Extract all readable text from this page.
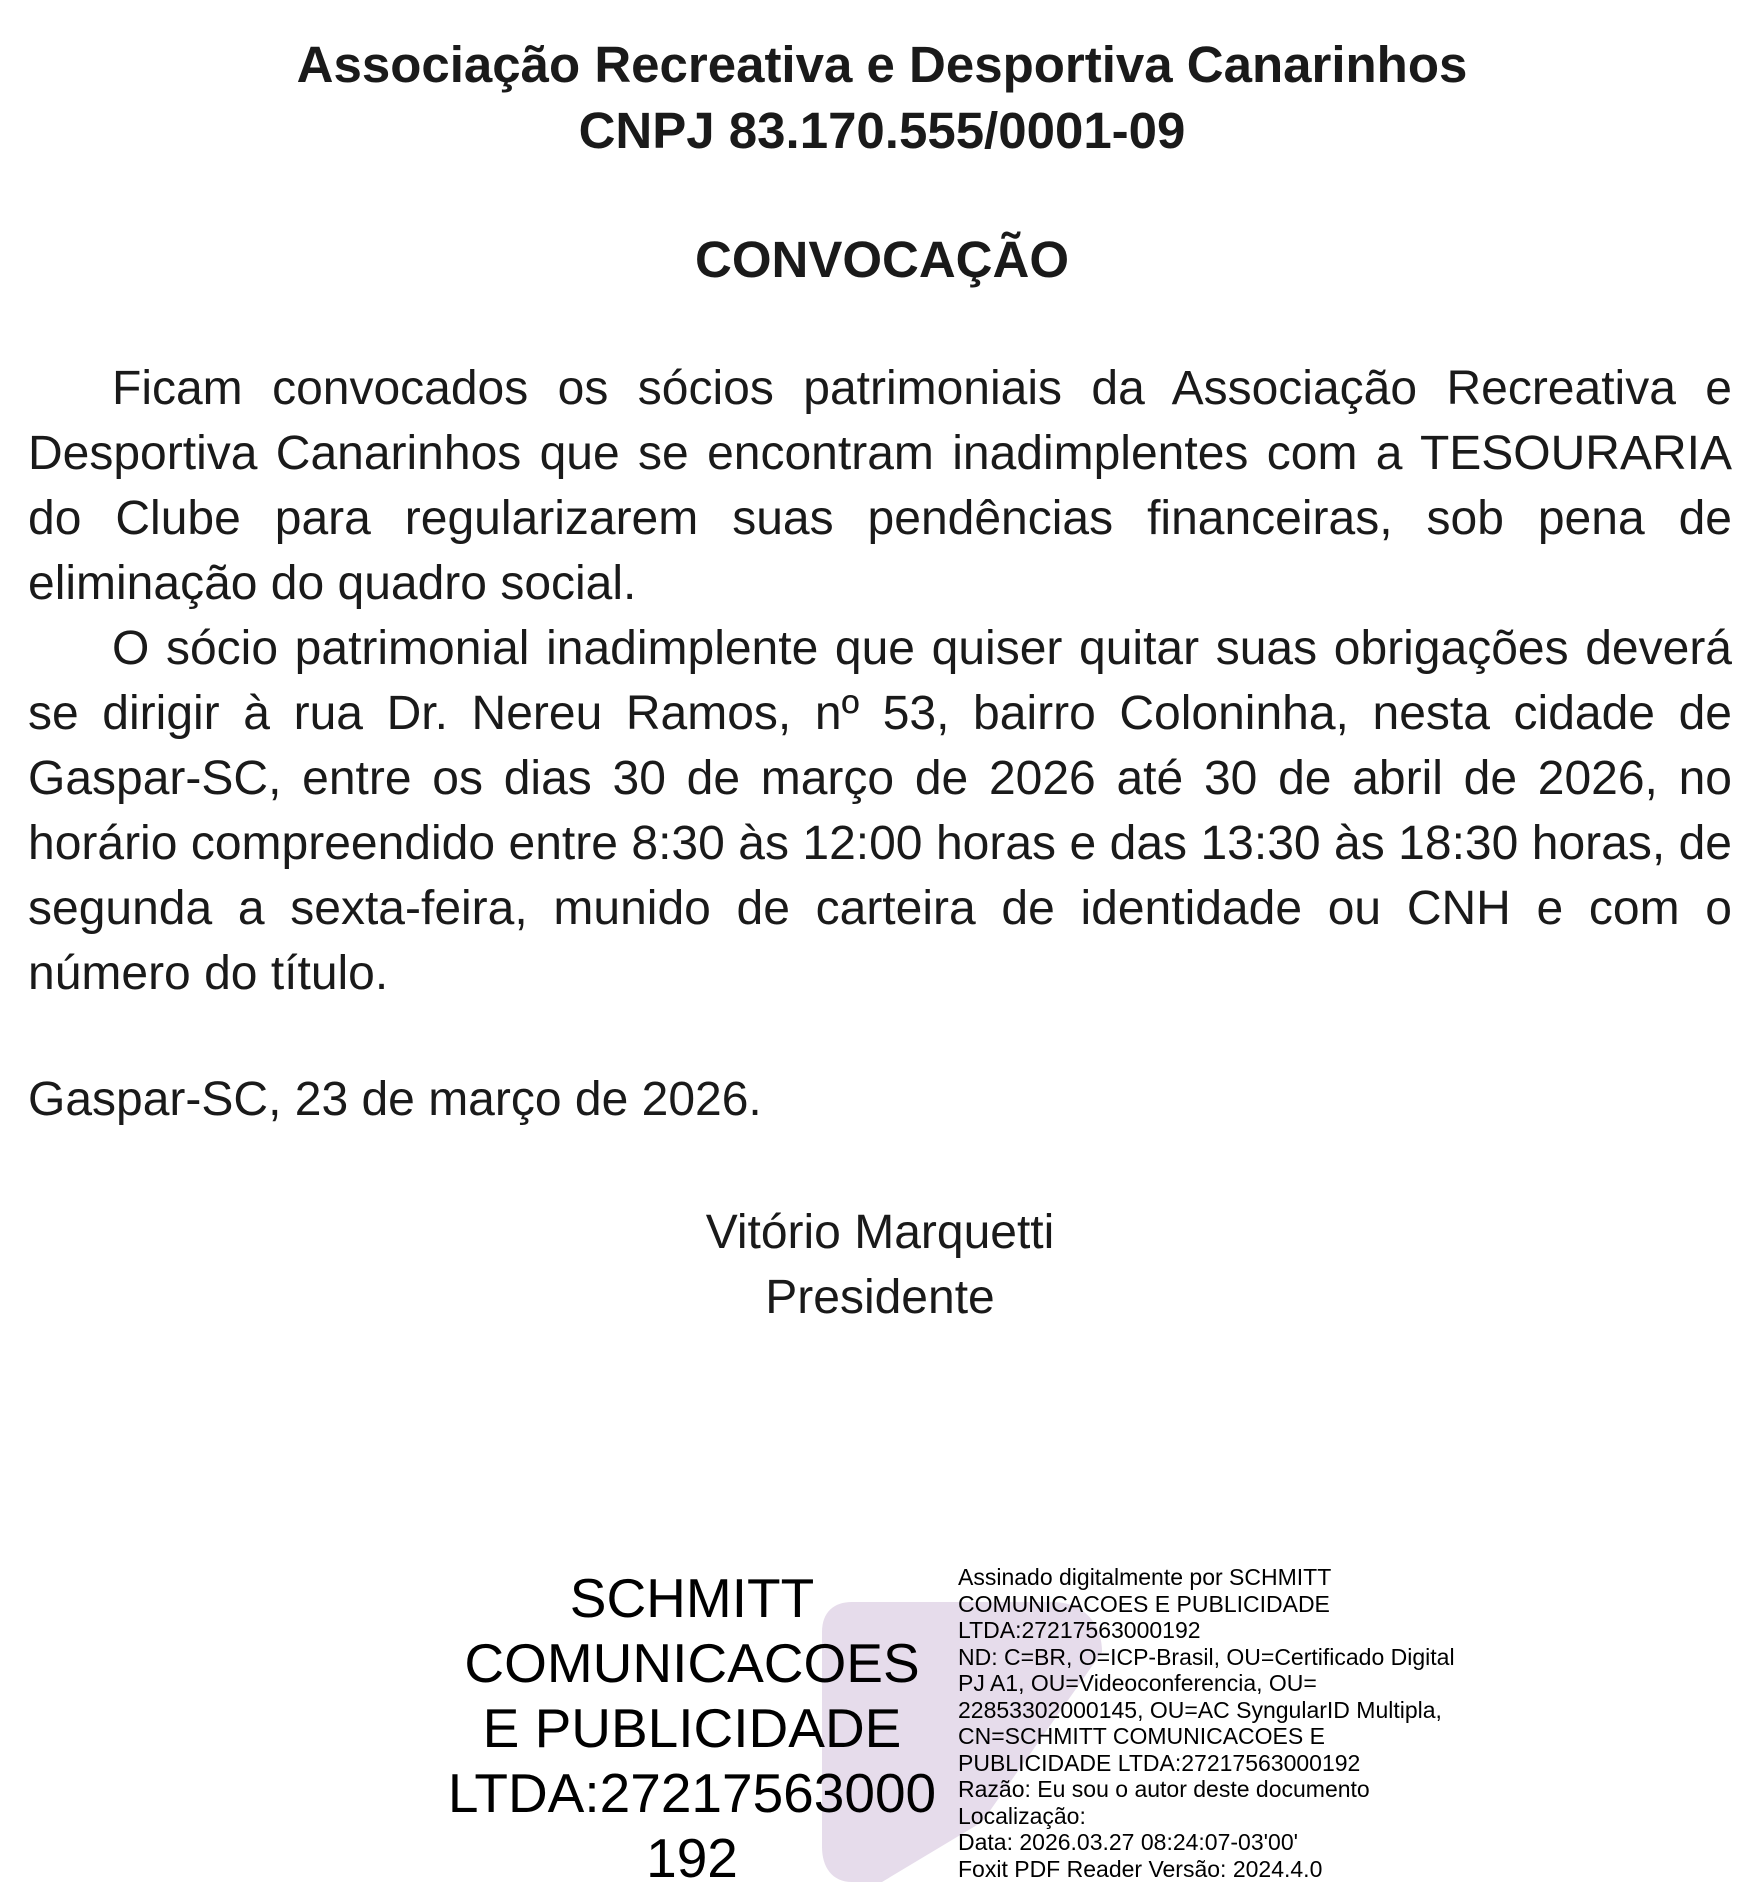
Associação Recreativa e Desportiva Canarinhos
CNPJ 83.170.555/0001-09
CONVOCAÇÃO

Ficam convocados os sócios patrimoniais da Associação Recreativa e Desportiva Canarinhos que se encontram inadimplentes com a TESOURARIA do Clube para regularizarem suas pendências financeiras, sob pena de eliminação do quadro social.

O sócio patrimonial inadimplente que quiser quitar suas obrigações deverá se dirigir à rua Dr. Nereu Ramos, nº 53, bairro Coloninha, nesta cidade de Gaspar-SC, entre os dias 30 de março de 2026 até 30 de abril de 2026, no horário compreendido entre 8:30 às 12:00 horas e das 13:30 às 18:30 horas, de segunda a sexta-feira, munido de carteira de identidade ou CNH e com o número do título.

Gaspar-SC, 23 de março de 2026.
Vitório Marquetti
Presidente
SCHMITT
COMUNICACOES
E PUBLICIDADE
LTDA:27217563000
192
Assinado digitalmente por SCHMITT
COMUNICACOES E PUBLICIDADE
LTDA:27217563000192
ND: C=BR, O=ICP-Brasil, OU=Certificado Digital
PJ A1, OU=Videoconferencia, OU=
22853302000145, OU=AC SyngularID Multipla,
CN=SCHMITT COMUNICACOES E
PUBLICIDADE LTDA:27217563000192
Razão: Eu sou o autor deste documento
Localização:
Data: 2026.03.27 08:24:07-03'00'
Foxit PDF Reader Versão: 2024.4.0
